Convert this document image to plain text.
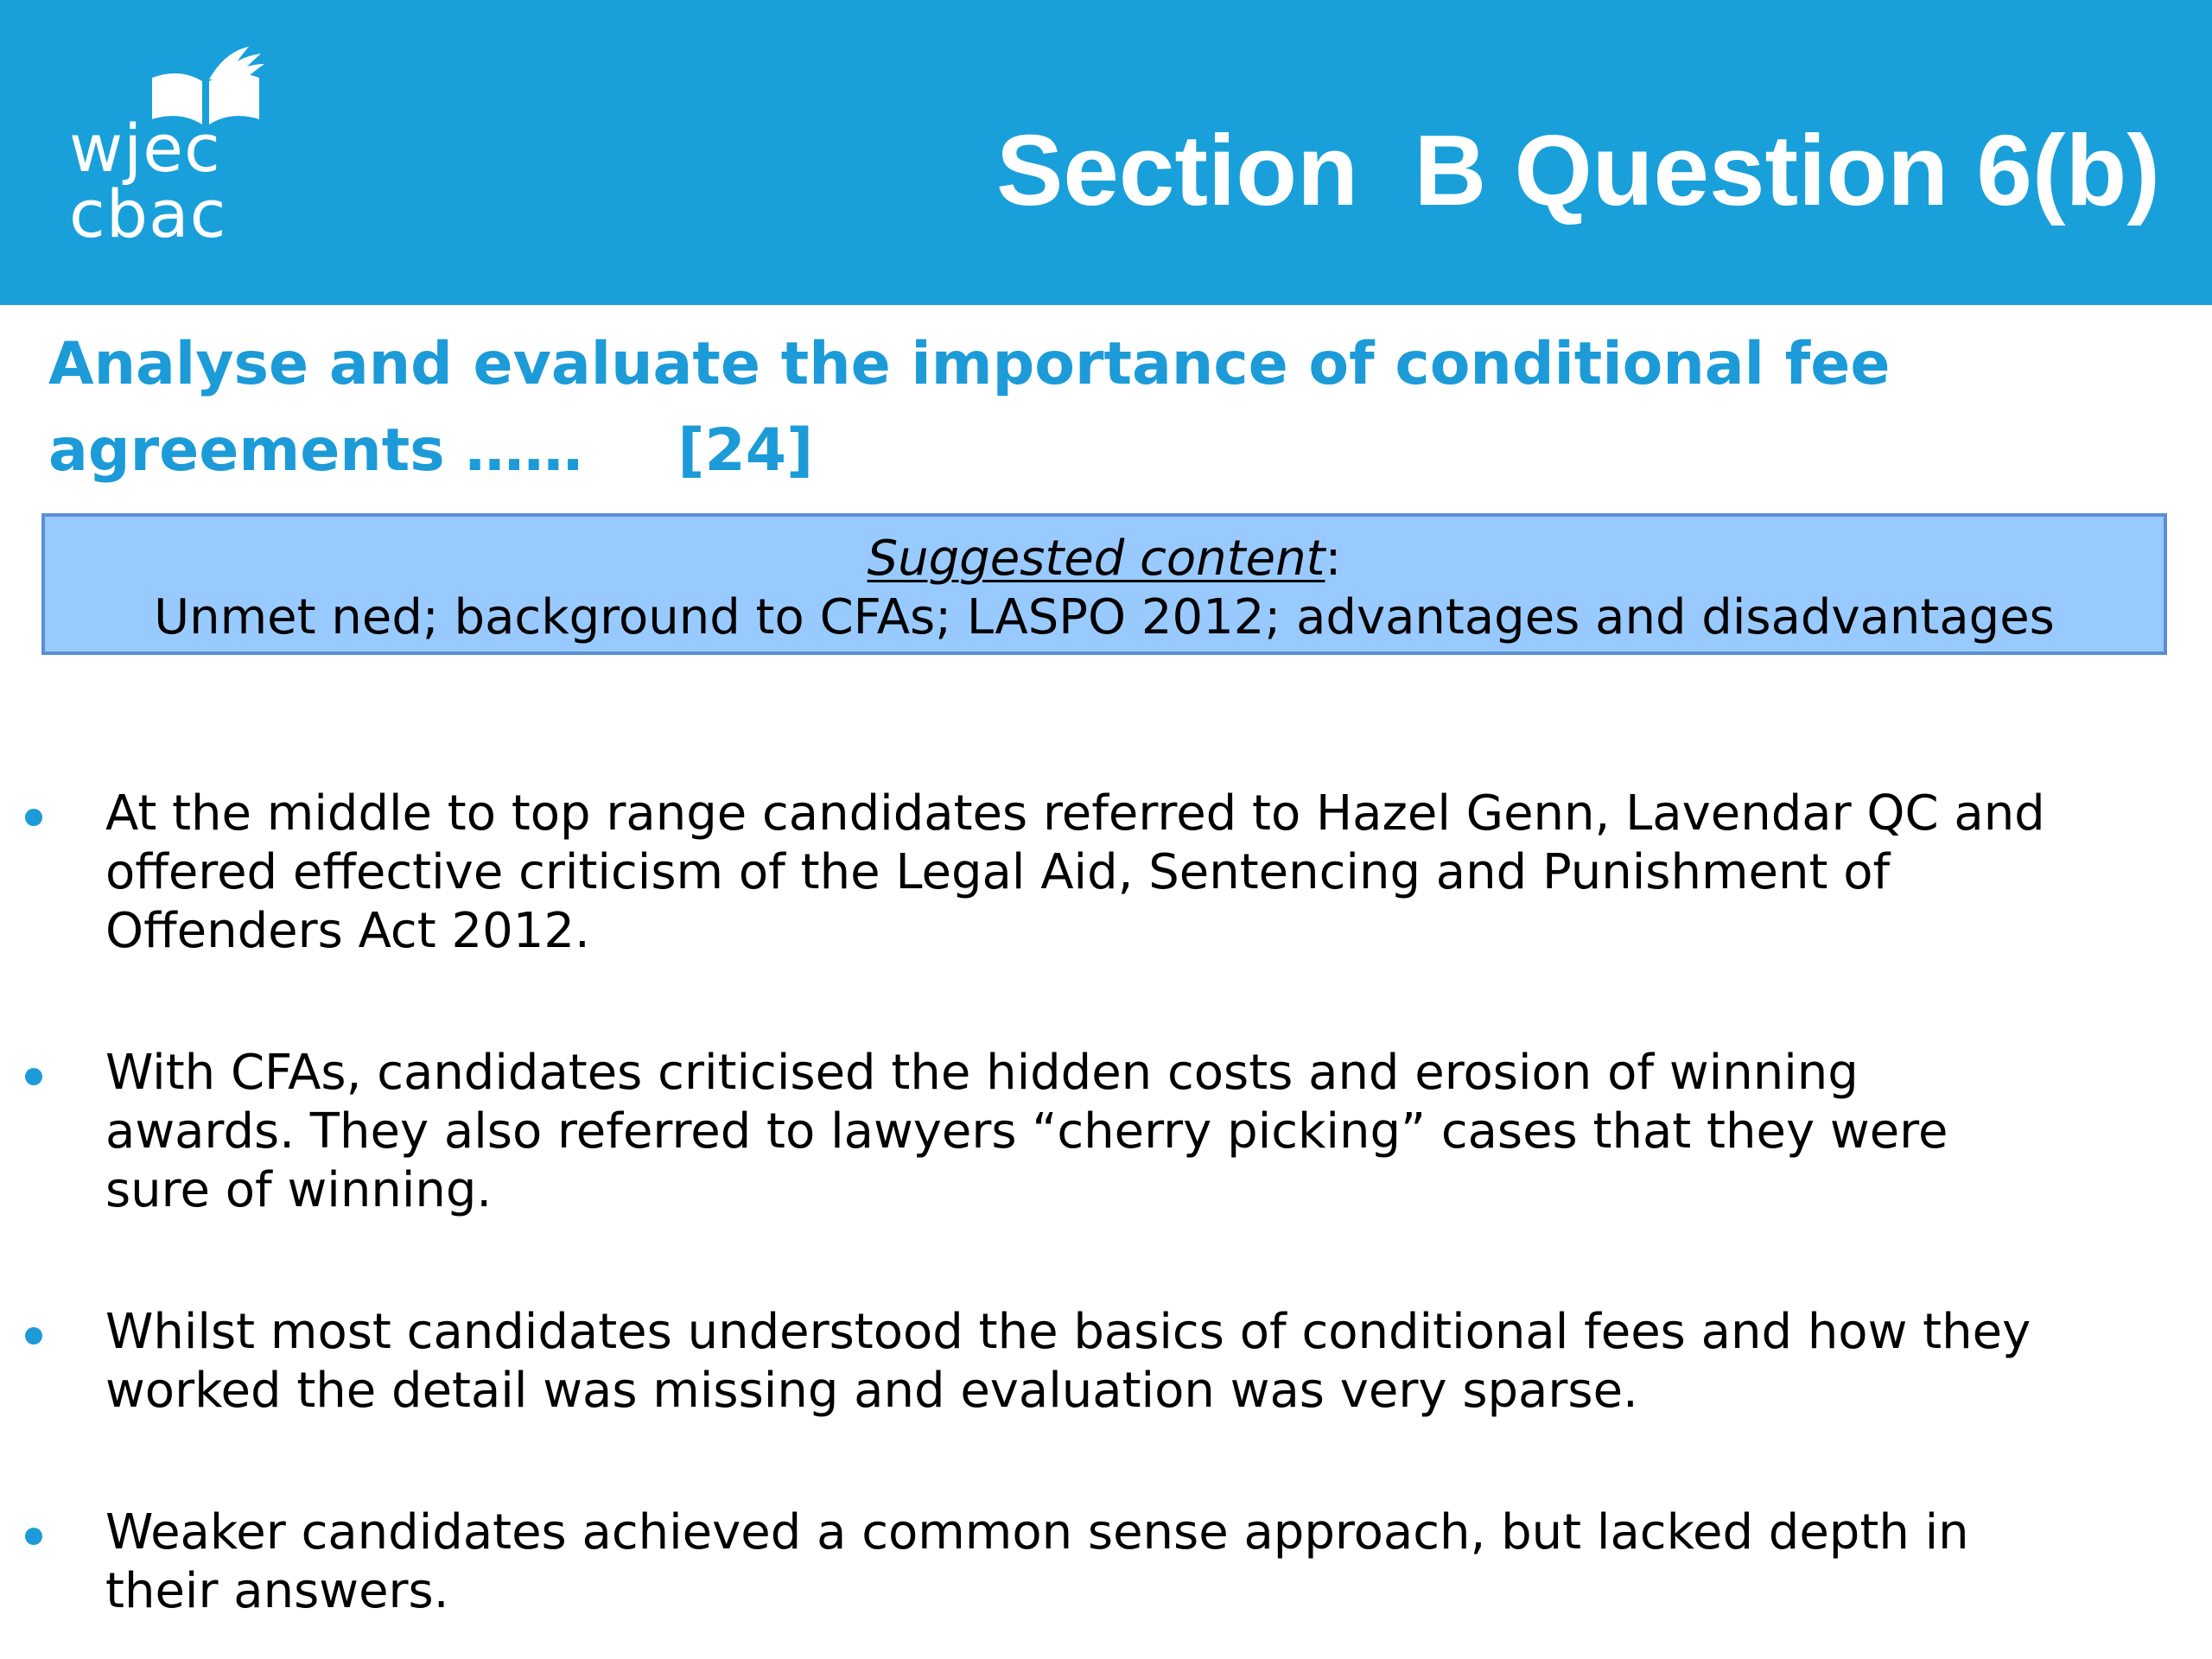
wjec
cbac	Section  B Question 6(b)
Analyse and evaluate the importance of conditional fee
agreements …… [24]
Suggested content:
Unmet ned; background to CFAs; LASPO 2012; advantages and disadvantages
At the middle to top range candidates referred to Hazel Genn, Lavendar QC and
offered effective criticism of the Legal Aid, Sentencing and Punishment of
Offenders Act 2012.
With CFAs, candidates criticised the hidden costs and erosion of winning
awards. They also referred to lawyers “cherry picking” cases that they were
sure of winning.
Whilst most candidates understood the basics of conditional fees and how they
worked the detail was missing and evaluation was very sparse.
Weaker candidates achieved a common sense approach, but lacked depth in
their answers.
